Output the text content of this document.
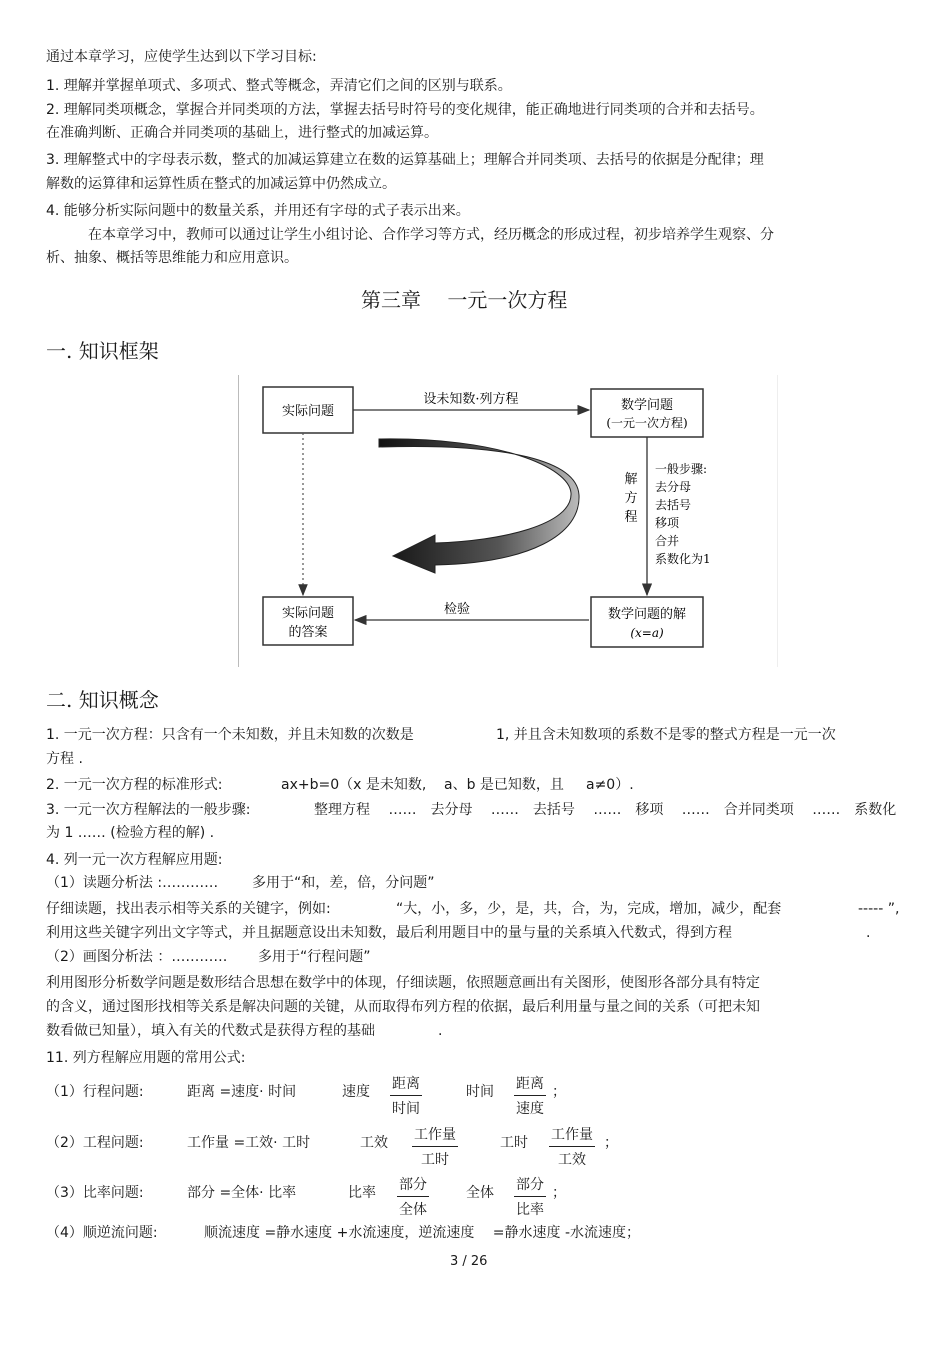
通过本章学习，应使学生达到以下学习目标:
1. 理解并掌握单项式、多项式、整式等概念，弄清它们之间的区别与联系。
2. 理解同类项概念，掌握合并同类项的方法，掌握去括号时符号的变化规律，能正确地进行同类项的合并和去括号。
在准确判断、正确合并同类项的基础上，进行整式的加减运算。
3. 理解整式中的字母表示数，整式的加减运算建立在数的运算基础上；理解合并同类项、去括号的依据是分配律；理
解数的运算律和运算性质在整式的加减运算中仍然成立。
4. 能够分析实际问题中的数量关系，并用还有字母的式子表示出来。
在本章学习中，教师可以通过让学生小组讨论、合作学习等方式，经历概念的形成过程，初步培养学生观察、分
析、抽象、概括等思维能力和应用意识。
第三章　 一元一次方程
一. 知识框架
实际问题	数学问题
(一元一次方程)
实际问题
的答案
数学问题的解
(x=a)
设未知数·列方程
解
方
程
一般步骤:
去分母
去括号
移项
合并
系数化为1
检验
二. 知识概念
1. 一元一次方程：只含有一个未知数，并且未知数的次数是	1, 并且含未知数项的系数不是零的整式方程是一元一次
方程 .
2. 一元一次方程的标准形式:	ax+b=0（x 是未知数, a、b 是已知数，且 a≠0）.
3. 一元一次方程解法的一般步骤:	整理方程　 ……　去分母　 ……　去括号　 ……　移项　 ……　合并同类项　 ……　系数化
为 1 …… (检验方程的解) .
4. 列一元一次方程解应用题:
（1）读题分析法 :………… 多用于“和，差，倍，分问题”
仔细读题，找出表示相等关系的关键字，例如:	“大，小，多，少，是，共，合，为，完成，增加，减少，配套	----- ”,
利用这些关键字列出文字等式，并且据题意设出未知数，最后利用题目中的量与量的关系填入代数式，得到方程	.
（2）画图分析法 ：………… 多用于“行程问题”
利用图形分析数学问题是数形结合思想在数学中的体现，仔细读题，依照题意画出有关图形，使图形各部分具有特定
的含义，通过图形找相等关系是解决问题的关键，从而取得布列方程的依据，最后利用量与量之间的关系（可把未知
数看做已知量），填入有关的代数式是获得方程的基础	.
11. 列方程解应用题的常用公式:
（1）行程问题:	距离 =速度· 时间	速度 距离
时间
时间 距离
速度
；
（2）工程问题:	工作量 =工效· 工时	工效 工作量
工时
工时 工作量
工效
；
（3）比率问题:	部分 =全体· 比率	比率 部分
全体
全体 部分
比率
；
（4）顺逆流问题:	顺流速度 =静水速度 +水流速度，逆流速度　 =静水速度 -水流速度；
3 / 26
